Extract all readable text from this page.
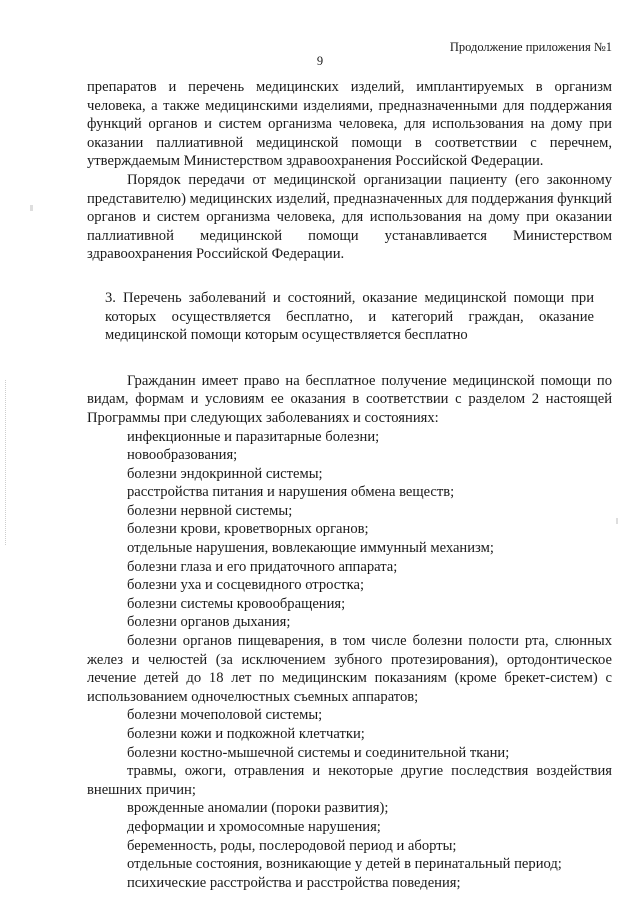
Продолжение приложения №1
9

препаратов и перечень медицинских изделий, имплантируемых в организм человека, а также медицинскими изделиями, предназначенными для поддержания функций органов и систем организма человека, для использования на дому при оказании паллиативной медицинской помощи в соответствии с перечнем, утверждаемым Министерством здравоохранения Российской Федерации.

Порядок передачи от медицинской организации пациенту (его законному представителю) медицинских изделий, предназначенных для поддержания функций органов и систем организма человека, для использования на дому при оказании паллиативной медицинской помощи устанавливается Министерством здравоохранения Российской Федерации.

3. Перечень заболеваний и состояний, оказание медицинской помощи при которых осуществляется бесплатно, и категорий граждан, оказание медицинской помощи которым осуществляется бесплатно

Гражданин имеет право на бесплатное получение медицинской помощи по видам, формам и условиям ее оказания в соответствии с разделом 2 настоящей Программы при следующих заболеваниях и состояниях:

инфекционные и паразитарные болезни;

новообразования;

болезни эндокринной системы;

расстройства питания и нарушения обмена веществ;

болезни нервной системы;

болезни крови, кроветворных органов;

отдельные нарушения, вовлекающие иммунный механизм;

болезни глаза и его придаточного аппарата;

болезни уха и сосцевидного отростка;

болезни системы кровообращения;

болезни органов дыхания;

болезни органов пищеварения, в том числе болезни полости рта, слюнных желез и челюстей (за исключением зубного протезирования), ортодонтическое лечение детей до 18 лет по медицинским показаниям (кроме брекет-систем) с использованием одночелюстных съемных аппаратов;

болезни мочеполовой системы;

болезни кожи и подкожной клетчатки;

болезни костно-мышечной системы и соединительной ткани;

травмы, ожоги, отравления и некоторые другие последствия воздействия внешних причин;

врожденные аномалии (пороки развития);

деформации и хромосомные нарушения;

беременность, роды, послеродовой период и аборты;

отдельные состояния, возникающие у детей в перинатальный период;

психические расстройства и расстройства поведения;
